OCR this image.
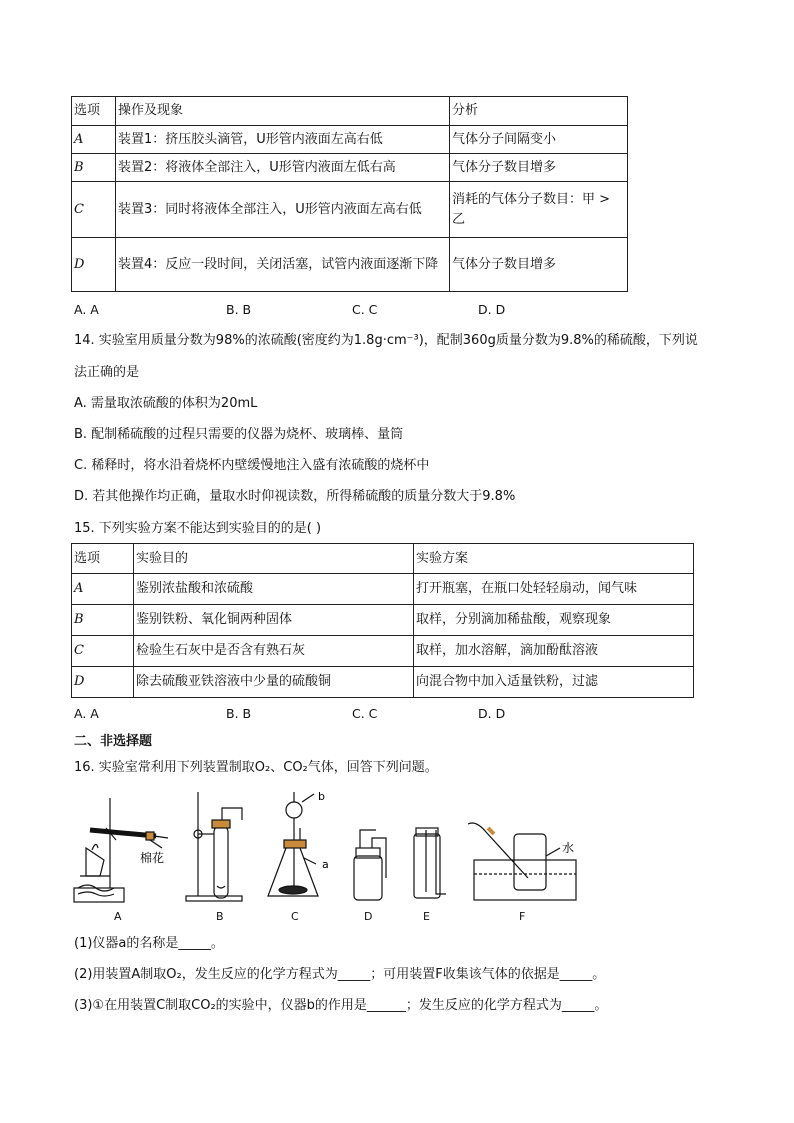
选项	操作及现象	分析
A	装置1：挤压胶头滴管，U形管内液面左高右低	气体分子间隔变小
B	装置2：将液体全部注入，U形管内液面左低右高	气体分子数目增多
C	装置3：同时将液体全部注入，U形管内液面左高右低	消耗的气体分子数目：甲 > 乙
D	装置4：反应一段时间，关闭活塞，试管内液面逐渐下降	气体分子数目增多
A. A	B. B	C. C	D. D
14. 实验室用质量分数为98%的浓硫酸(密度约为1.8g·cm⁻³)，配制360g质量分数为9.8%的稀硫酸，下列说
法正确的是
A. 需量取浓硫酸的体积为20mL
B. 配制稀硫酸的过程只需要的仪器为烧杯、玻璃棒、量筒
C. 稀释时，将水沿着烧杯内壁缓慢地注入盛有浓硫酸的烧杯中
D. 若其他操作均正确，量取水时仰视读数，所得稀硫酸的质量分数大于9.8%
15. 下列实验方案不能达到实验目的的是( )
选项	实验目的	实验方案
A	鉴别浓盐酸和浓硫酸	打开瓶塞，在瓶口处轻轻扇动，闻气味
B	鉴别铁粉、氧化铜两种固体	取样，分别滴加稀盐酸，观察现象
C	检验生石灰中是否含有熟石灰	取样，加水溶解，滴加酚酞溶液
D	除去硫酸亚铁溶液中少量的硫酸铜	向混合物中加入适量铁粉，过滤
A. A	B. B	C. C	D. D
二、非选择题
16. 实验室常利用下列装置制取O₂、CO₂气体，回答下列问题。
棉花	a
b
水
A	B	C	D	E	F
(1)仪器a的名称是_____。
(2)用装置A制取O₂，发生反应的化学方程式为_____；可用装置F收集该气体的依据是_____。
(3)①在用装置C制取CO₂的实验中，仪器b的作用是______；发生反应的化学方程式为_____。
